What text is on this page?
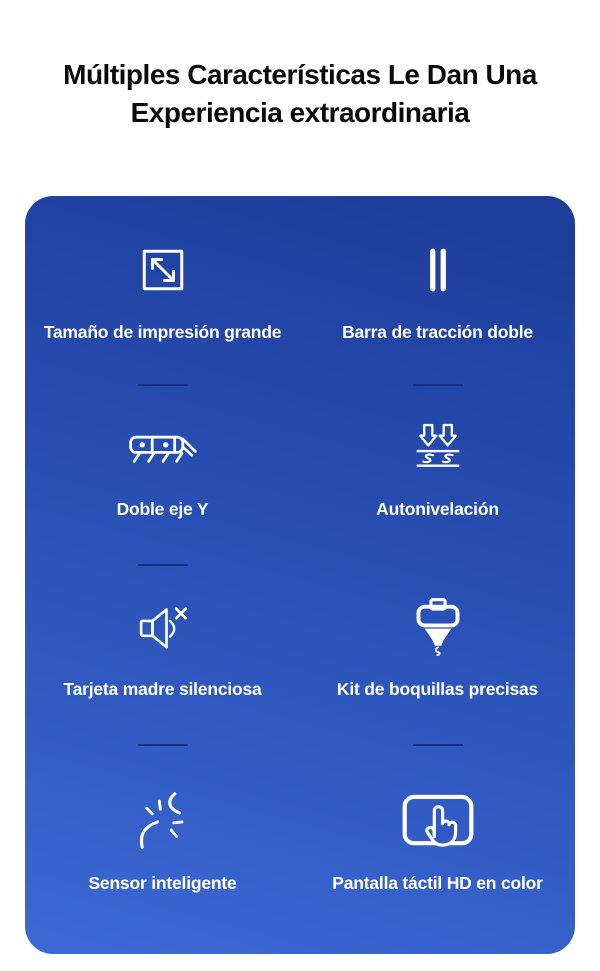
Múltiples Características Le Dan Una
Experiencia extraordinaria
Tamaño de impresión grande	Barra de tracción doble
Doble eje Y	Autonivelación
Tarjeta madre silenciosa	Kit de boquillas precisas
Sensor inteligente	Pantalla táctil HD en color
